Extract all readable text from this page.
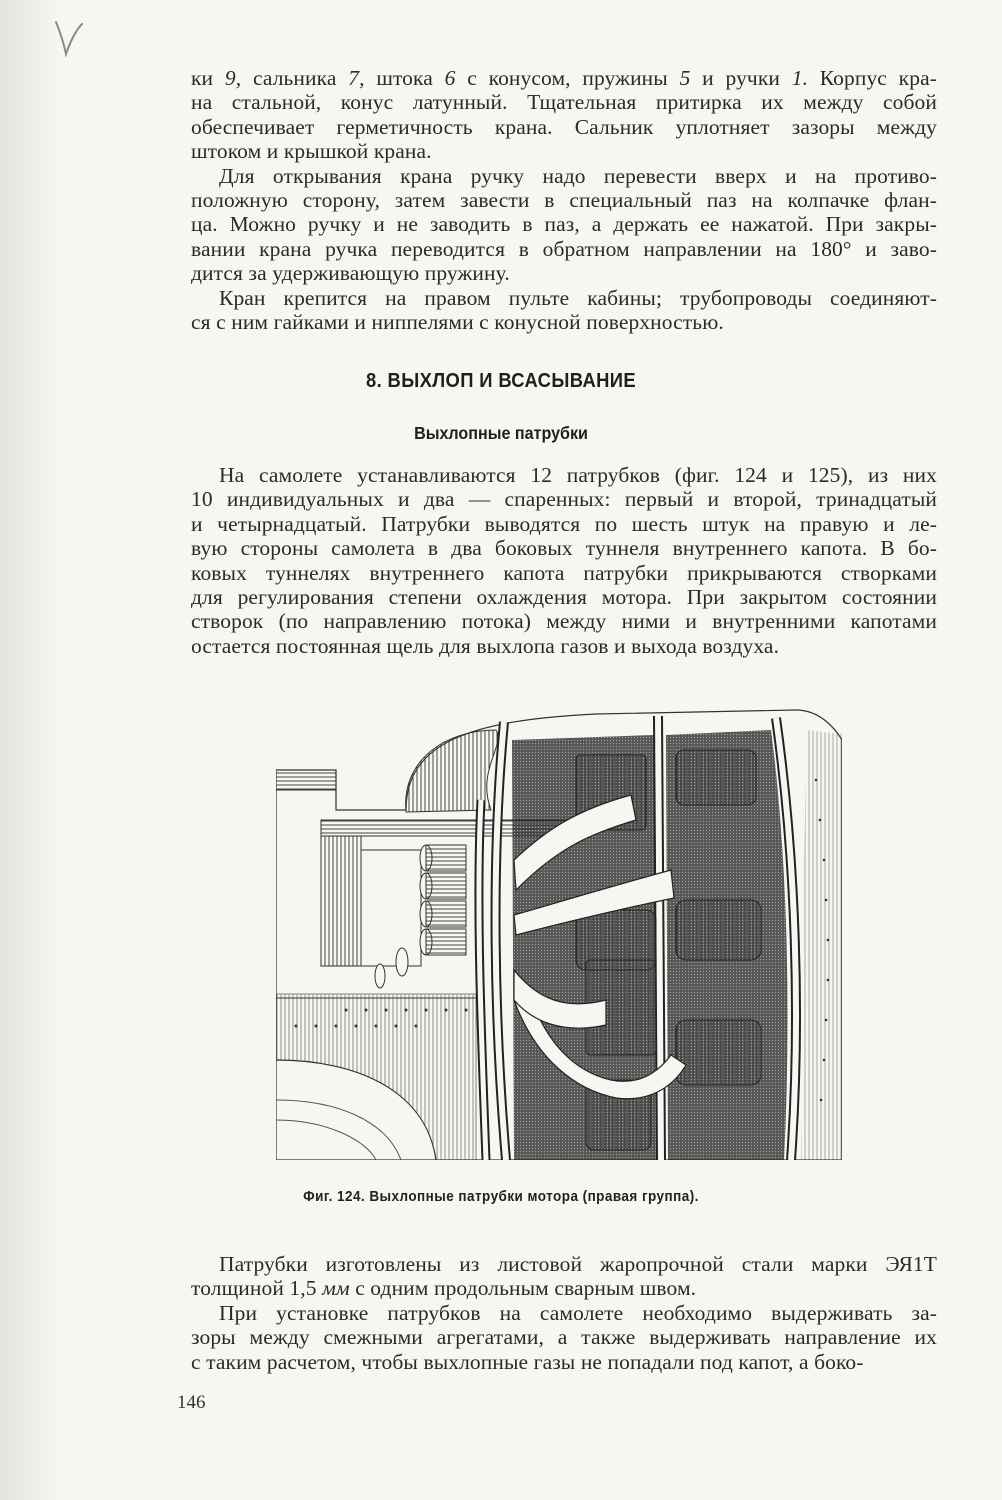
ки 9, сальника 7, штока 6 с конусом, пружины 5 и ручки 1. Корпус кра-
на стальной, конус латунный. Тщательная притирка их между собой
обеспечивает герметичность крана. Сальник уплотняет зазоры между
штоком и крышкой крана.

Для открывания крана ручку надо перевести вверх и на противо-
положную сторону, затем завести в специальный паз на колпачке флан-
ца. Можно ручку и не заводить в паз, а держать ее нажатой. При закры-
вании крана ручка переводится в обратном направлении на 180° и заво-
дится за удерживающую пружину.

Кран крепится на правом пульте кабины; трубопроводы соединяют-
ся с ним гайками и ниппелями с конусной поверхностью.

8. ВЫХЛОП И ВСАСЫВАНИЕ
Выхлопные патрубки

На самолете устанавливаются 12 патрубков (фиг. 124 и 125), из них
10 индивидуальных и два — спаренных: первый и второй, тринадцатый
и четырнадцатый. Патрубки выводятся по шесть штук на правую и ле-
вую стороны самолета в два боковых туннеля внутреннего капота. В бо-
ковых туннелях внутреннего капота патрубки прикрываются створками
для регулирования степени охлаждения мотора. При закрытом состоянии
створок (по направлению потока) между ними и внутренними капотами
остается постоянная щель для выхлопа газов и выхода воздуха.

Фиг. 124. Выхлопные патрубки мотора (правая группа).

Патрубки изготовлены из листовой жаропрочной стали марки ЭЯ1Т
толщиной 1,5 мм с одним продольным сварным швом.

При установке патрубков на самолете необходимо выдерживать за-
зоры между смежными агрегатами, а также выдерживать направление их
с таким расчетом, чтобы выхлопные газы не попадали под капот, а боко-

146
